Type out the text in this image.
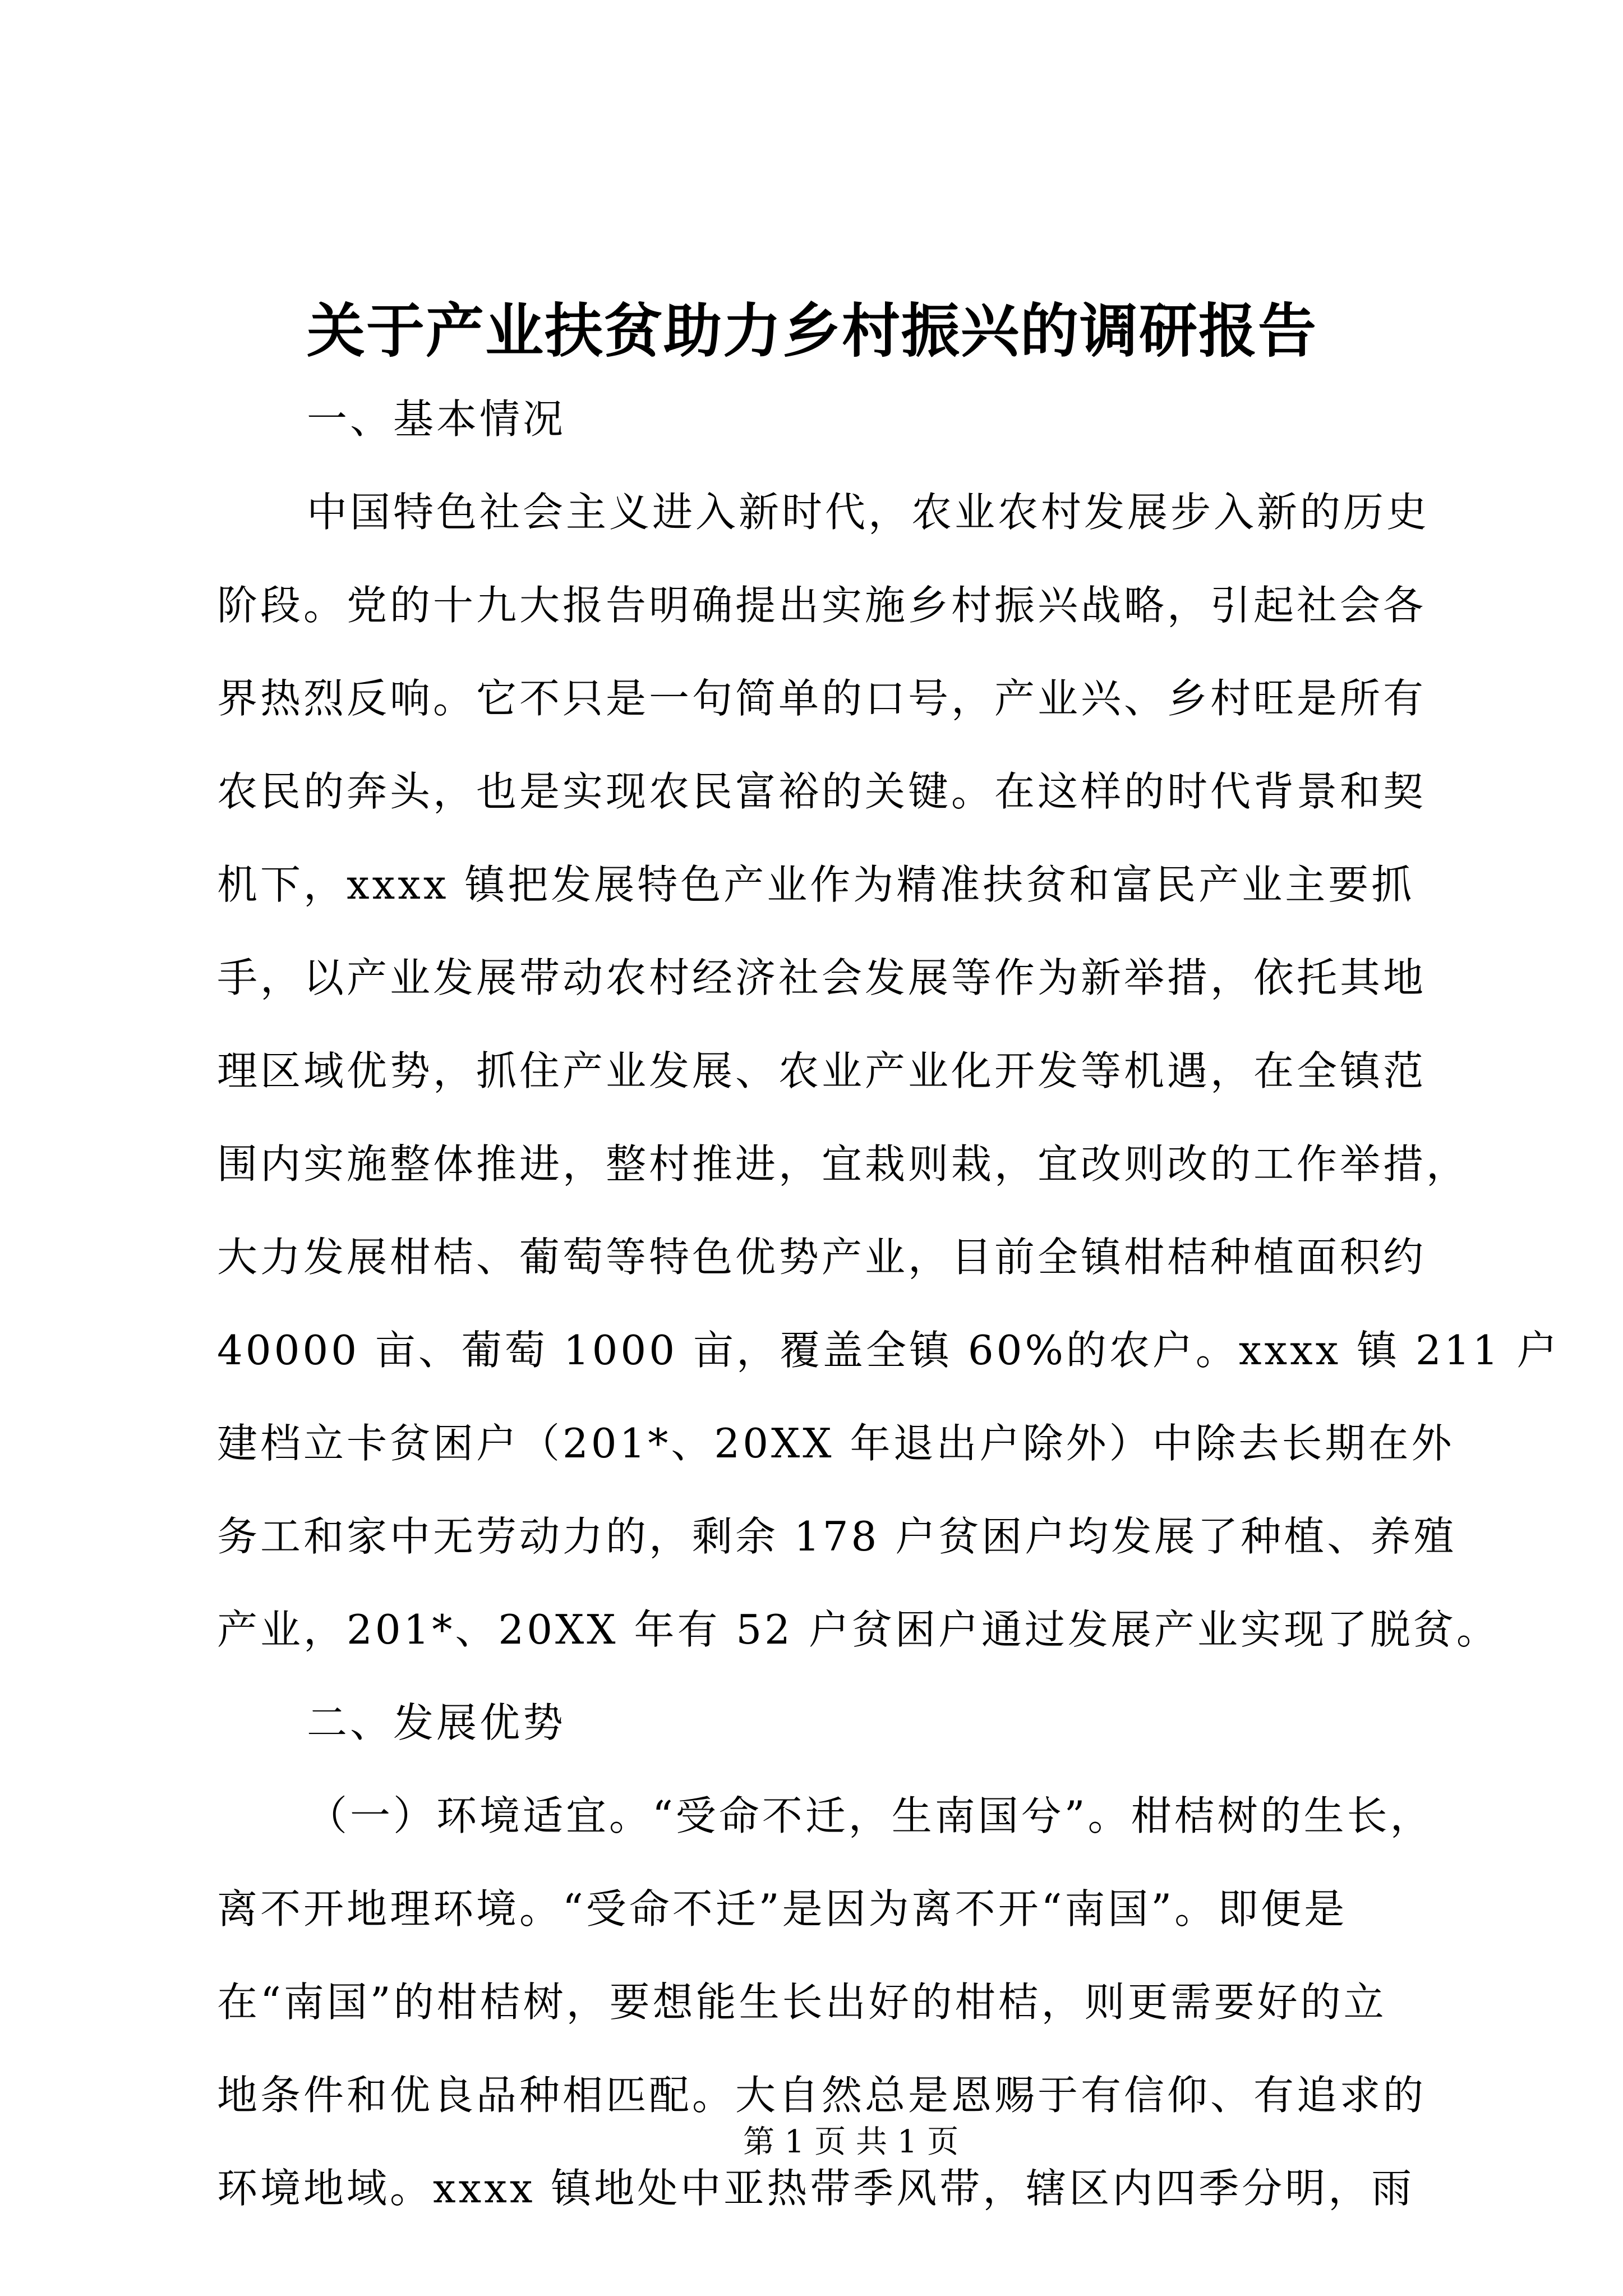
关于产业扶贫助力乡村振兴的调研报告
一、基本情况
中国特色社会主义进入新时代，农业农村发展步入新的历史
阶段。党的十九大报告明确提出实施乡村振兴战略，引起社会各
界热烈反响。它不只是一句简单的口号，产业兴、乡村旺是所有
农民的奔头，也是实现农民富裕的关键。在这样的时代背景和契
机下，xxxx 镇把发展特色产业作为精准扶贫和富民产业主要抓
手，以产业发展带动农村经济社会发展等作为新举措，依托其地
理区域优势，抓住产业发展、农业产业化开发等机遇，在全镇范
围内实施整体推进，整村推进，宜栽则栽，宜改则改的工作举措，
大力发展柑桔、葡萄等特色优势产业，目前全镇柑桔种植面积约
40000 亩、葡萄 1000 亩，覆盖全镇 60%的农户。xxxx 镇 211 户
建档立卡贫困户（201*、20XX 年退出户除外）中除去长期在外
务工和家中无劳动力的，剩余 178 户贫困户均发展了种植、养殖
产业，201*、20XX 年有 52 户贫困户通过发展产业实现了脱贫。
二、发展优势
（一）环境适宜。“受命不迁，生南国兮”。柑桔树的生长，
离不开地理环境。“受命不迁”是因为离不开“南国”。即便是
在“南国”的柑桔树，要想能生长出好的柑桔，则更需要好的立
地条件和优良品种相匹配。大自然总是恩赐于有信仰、有追求的
环境地域。xxxx 镇地处中亚热带季风带，辖区内四季分明，雨
第 1 页 共 1 页
